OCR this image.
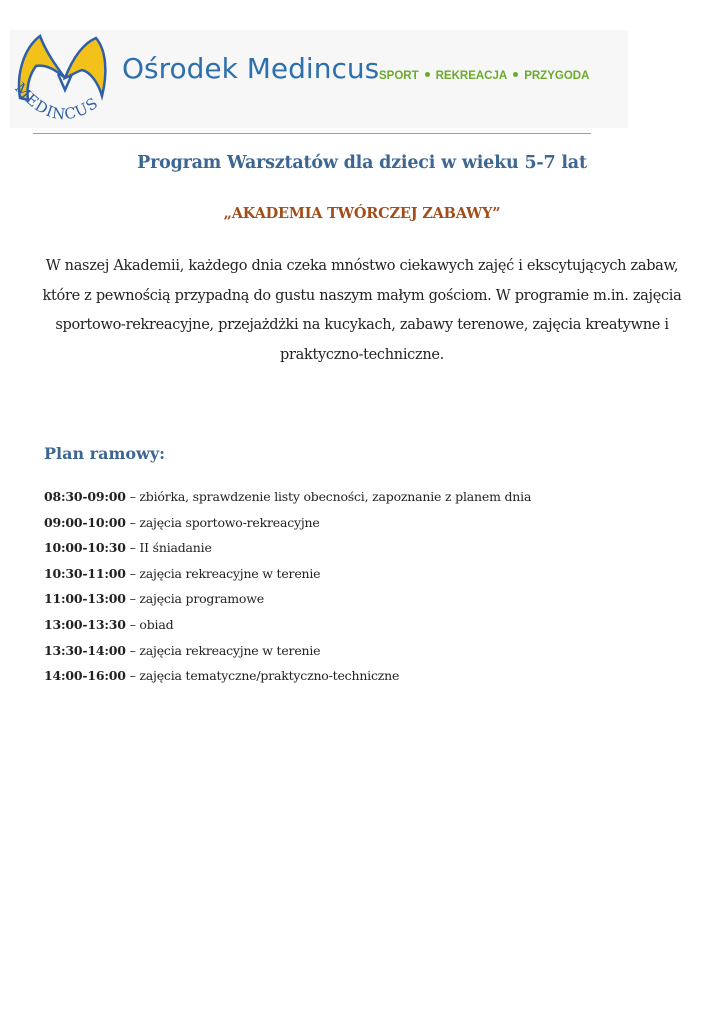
MEDINCUS
Ośrodek Medincus SPORT REKREACJA PRZYGODA
Program Warsztatów dla dzieci w wieku 5-7 lat
„AKADEMIA TWÓRCZEJ ZABAWY”
W naszej Akademii, każdego dnia czeka mnóstwo ciekawych zajęć i ekscytujących zabaw, które z pewnością przypadną do gustu naszym małym gościom. W programie m.in. zajęcia sportowo-rekreacyjne, przejażdżki na kucykach, zabawy terenowe, zajęcia kreatywne i praktyczno-techniczne.
Plan ramowy:
08:30-09:00 – zbiórka, sprawdzenie listy obecności, zapoznanie z planem dnia
09:00-10:00 – zajęcia sportowo-rekreacyjne
10:00-10:30 – II śniadanie
10:30-11:00 – zajęcia rekreacyjne w terenie
11:00-13:00 – zajęcia programowe
13:00-13:30 – obiad
13:30-14:00 – zajęcia rekreacyjne w terenie
14:00-16:00 – zajęcia tematyczne/praktyczno-techniczne
